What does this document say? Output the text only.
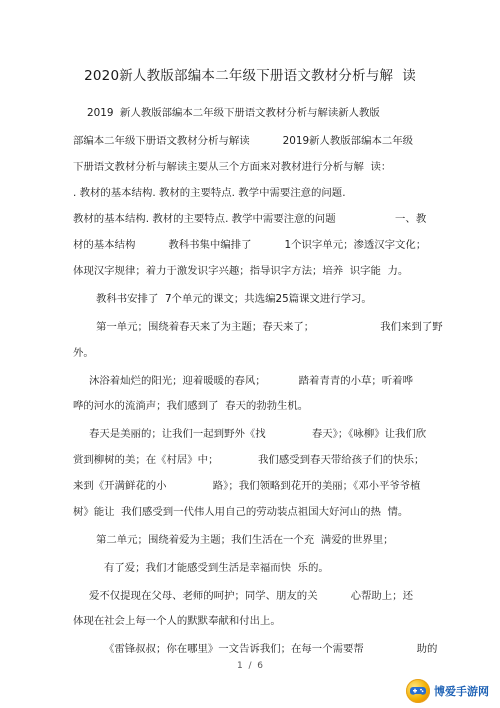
2020新人教版部编本二年级下册语文教材分析与解  读
2019  新人教版部编本二年级下册语文教材分析与解读新人教版
部编本二年级下册语文教材分析与解读          2019新人教版部编本二年级
下册语文教材分析与解读主要从三个方面来对教材进行分析与解  读：
. 教材的基本结构. 教材的主要特点. 教学中需要注意的问题.
教材的基本结构. 教材的主要特点. 教学中需要注意的问题                  一、教
材的基本结构          教科书集中编排了          1个识字单元；渗透汉字文化；
体现汉字规律；着力于激发识字兴趣；指导识字方法；培养  识字能  力。
教科书安排了  7个单元的课文；共选编25篇课文进行学习。
第一单元；围绕着春天来了为主题；春天来了；                    我们来到了野
外。
沐浴着灿烂的阳光；迎着暖暖的春风；          踏着青青的小草；听着哗
哗的河水的流淌声；我们感到了  春天的勃勃生机。
春天是美丽的；让我们一起到野外《找              春天》；《咏柳》让我们欣
赏到柳树的美；在《村居》中；            我们感受到春天带给孩子们的快乐；
来到《开满鲜花的小              路》；我们领略到花开的美丽；《邓小平爷爷植
树》能让  我们感受到一代伟人用自己的劳动装点祖国大好河山的热  情。
第二单元；围绕着爱为主题；我们生活在一个充  满爱的世界里；
有了爱；我们才能感受到生活是幸福而快  乐的。
爱不仅提现在父母、老师的呵护；同学、朋友的关          心帮助上；还
体现在社会上每一个人的默默奉献和付出上。
《雷锋叔叔；你在哪里》一文告诉我们；在每一个需要帮                助的
1  /  6
博爱手游网
